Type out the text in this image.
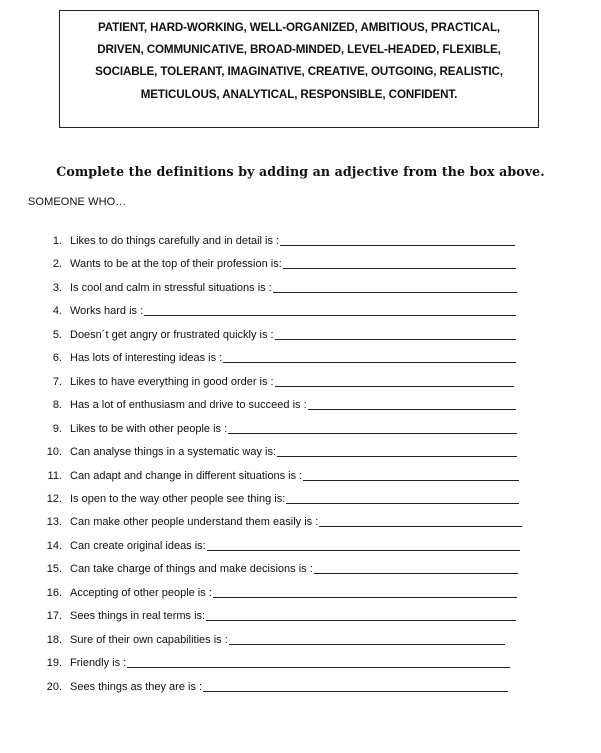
PATIENT, HARD-WORKING, WELL-ORGANIZED, AMBITIOUS, PRACTICAL,
DRIVEN, COMMUNICATIVE, BROAD-MINDED, LEVEL-HEADED, FLEXIBLE,
SOCIABLE, TOLERANT, IMAGINATIVE, CREATIVE, OUTGOING, REALISTIC,
METICULOUS, ANALYTICAL, RESPONSIBLE, CONFIDENT.
Complete the definitions by adding an adjective from the box above.
SOMEONE WHO…
1. Likes to do things carefully and in detail is :
2. Wants to be at the top of their profession is:
3. Is cool and calm in stressful situations is :
4. Works hard is :
5. Doesn´t get angry or frustrated quickly is :
6. Has lots of interesting ideas is :
7. Likes to have everything in good order is :
8. Has a lot of enthusiasm and drive to succeed is :
9. Likes to be with other people is :
10. Can analyse things in a systematic way is:
11. Can adapt and change in different situations is :
12. Is open to the way other people see thing is:
13. Can make other people understand them easily is :
14. Can create original ideas is:
15. Can take charge of things and make decisions is :
16. Accepting of other people is :
17. Sees things in real terms is:
18. Sure of their own capabilities is :
19. Friendly is :
20. Sees things as they are is :
